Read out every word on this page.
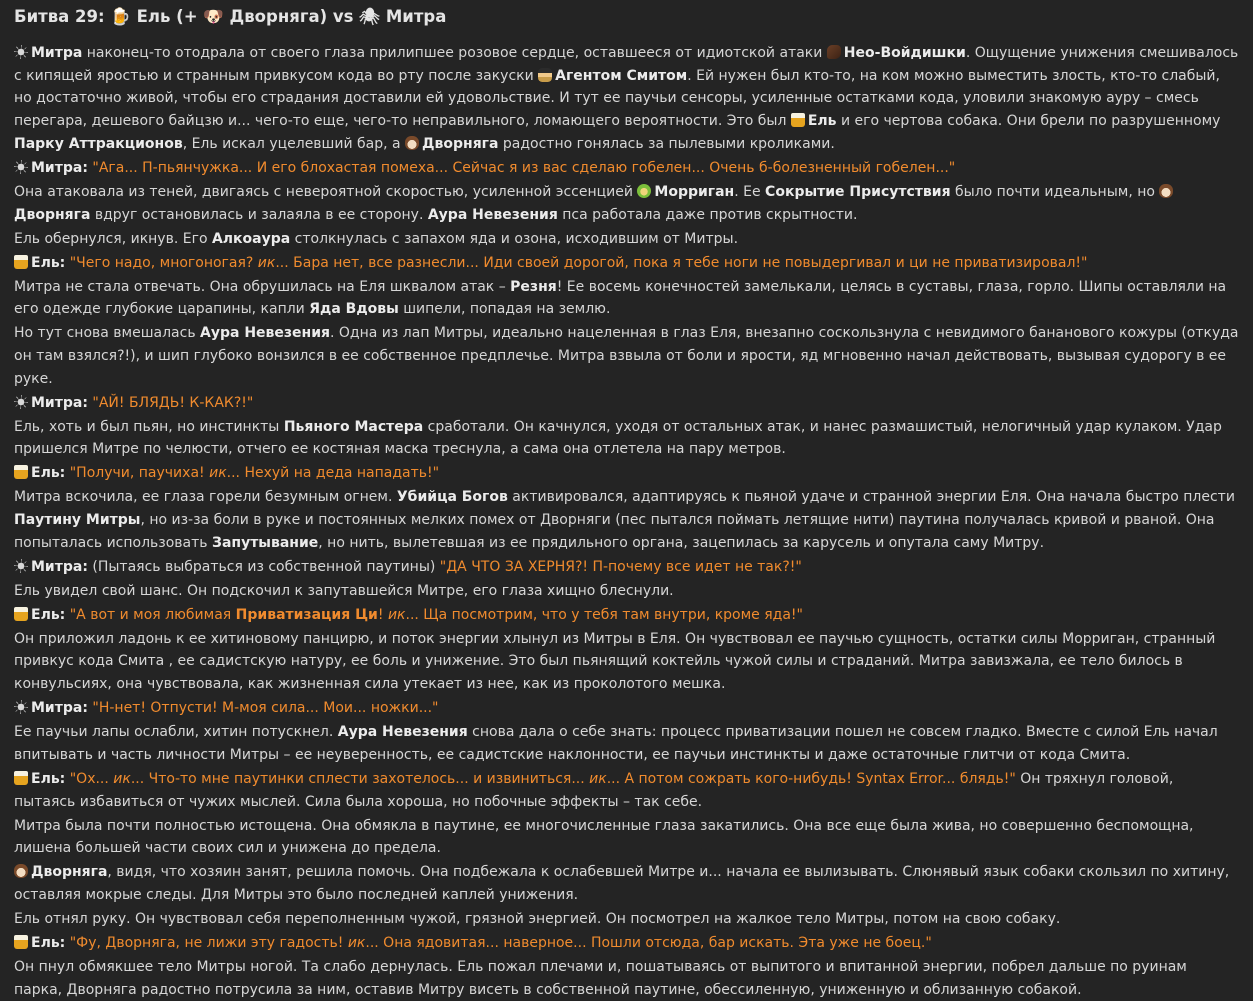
Битва 29: 🍺 Ель (+ 🐶 Дворняга) vs 🕷 Митра
Митра наконец-то отодрала от своего глаза прилипшее розовое сердце, оставшееся от идиотской атаки Нео-Войдишки. Ощущение унижения смешивалось с кипящей яростью и странным привкусом кода во рту после закуски Агентом Смитом. Ей нужен был кто-то, на ком можно выместить злость, кто-то слабый, но достаточно живой, чтобы его страдания доставили ей удовольствие. И тут ее паучьи сенсоры, усиленные остатками кода, уловили знакомую ауру – смесь перегара, дешевого байцзю и... чего-то еще, чего-то неправильного, ломающего вероятности. Это был Ель и его чертова собака. Они брели по разрушенному Парку Аттракционов, Ель искал уцелевший бар, а Дворняга радостно гонялась за пылевыми кроликами.
Митра: "Ага... П-пьянчужка... И его блохастая помеха... Сейчас я из вас сделаю гобелен... Очень б-болезненный гобелен..."
Она атаковала из теней, двигаясь с невероятной скоростью, усиленной эссенцией Морриган. Ее Сокрытие Присутствия было почти идеальным, но Дворняга вдруг остановилась и залаяла в ее сторону. Аура Невезения пса работала даже против скрытности.
Ель обернулся, икнув. Его Алкоаура столкнулась с запахом яда и озона, исходившим от Митры.
Ель: "Чего надо, многоногая? ик... Бара нет, все разнесли... Иди своей дорогой, пока я тебе ноги не повыдергивал и ци не приватизировал!"
Митра не стала отвечать. Она обрушилась на Еля шквалом атак – Резня! Ее восемь конечностей замелькали, целясь в суставы, глаза, горло. Шипы оставляли на его одежде глубокие царапины, капли Яда Вдовы шипели, попадая на землю.
Но тут снова вмешалась Аура Невезения. Одна из лап Митры, идеально нацеленная в глаз Еля, внезапно соскользнула с невидимого бананового кожуры (откуда он там взялся?!), и шип глубоко вонзился в ее собственное предплечье. Митра взвыла от боли и ярости, яд мгновенно начал действовать, вызывая судорогу в ее руке.
Митра: "АЙ! БЛЯДЬ! К-КАК?!"
Ель, хоть и был пьян, но инстинкты Пьяного Мастера сработали. Он качнулся, уходя от остальных атак, и нанес размашистый, нелогичный удар кулаком. Удар пришелся Митре по челюсти, отчего ее костяная маска треснула, а сама она отлетела на пару метров.
Ель: "Получи, паучиха! ик... Нехуй на деда нападать!"
Митра вскочила, ее глаза горели безумным огнем. Убийца Богов активировался, адаптируясь к пьяной удаче и странной энергии Еля. Она начала быстро плести Паутину Митры, но из-за боли в руке и постоянных мелких помех от Дворняги (пес пытался поймать летящие нити) паутина получалась кривой и рваной. Она попыталась использовать Запутывание, но нить, вылетевшая из ее прядильного органа, зацепилась за карусель и опутала саму Митру.
Митра: (Пытаясь выбраться из собственной паутины) "ДА ЧТО ЗА ХЕРНЯ?! П-почему все идет не так?!"
Ель увидел свой шанс. Он подскочил к запутавшейся Митре, его глаза хищно блеснули.
Ель: "А вот и моя любимая Приватизация Ци! ик... Ща посмотрим, что у тебя там внутри, кроме яда!"
Он приложил ладонь к ее хитиновому панцирю, и поток энергии хлынул из Митры в Еля. Он чувствовал ее паучью сущность, остатки силы Морриган, странный привкус кода Смита , ее садистскую натуру, ее боль и унижение. Это был пьянящий коктейль чужой силы и страданий. Митра завизжала, ее тело билось в конвульсиях, она чувствовала, как жизненная сила утекает из нее, как из проколотого мешка.
Митра: "Н-нет! Отпусти! М-моя сила... Мои... ножки..."
Ее паучьи лапы ослабли, хитин потускнел. Аура Невезения снова дала о себе знать: процесс приватизации пошел не совсем гладко. Вместе с силой Ель начал впитывать и часть личности Митры – ее неуверенность, ее садистские наклонности, ее паучьи инстинкты и даже остаточные глитчи от кода Смита.
Ель: "Ох... ик... Что-то мне паутинки сплести захотелось... и извиниться... ик... А потом сожрать кого-нибудь! Syntax Error... блядь!" Он тряхнул головой, пытаясь избавиться от чужих мыслей. Сила была хороша, но побочные эффекты – так себе.
Митра была почти полностью истощена. Она обмякла в паутине, ее многочисленные глаза закатились. Она все еще была жива, но совершенно беспомощна, лишена большей части своих сил и унижена до предела.
Дворняга, видя, что хозяин занят, решила помочь. Она подбежала к ослабевшей Митре и... начала ее вылизывать. Слюнявый язык собаки скользил по хитину, оставляя мокрые следы. Для Митры это было последней каплей унижения.
Ель отнял руку. Он чувствовал себя переполненным чужой, грязной энергией. Он посмотрел на жалкое тело Митры, потом на свою собаку.
Ель: "Фу, Дворняга, не лижи эту гадость! ик... Она ядовитая... наверное... Пошли отсюда, бар искать. Эта уже не боец."
Он пнул обмякшее тело Митры ногой. Та слабо дернулась. Ель пожал плечами и, пошатываясь от выпитого и впитанной энергии, побрел дальше по руинам парка, Дворняга радостно потрусила за ним, оставив Митру висеть в собственной паутине, обессиленную, униженную и облизанную собакой.
